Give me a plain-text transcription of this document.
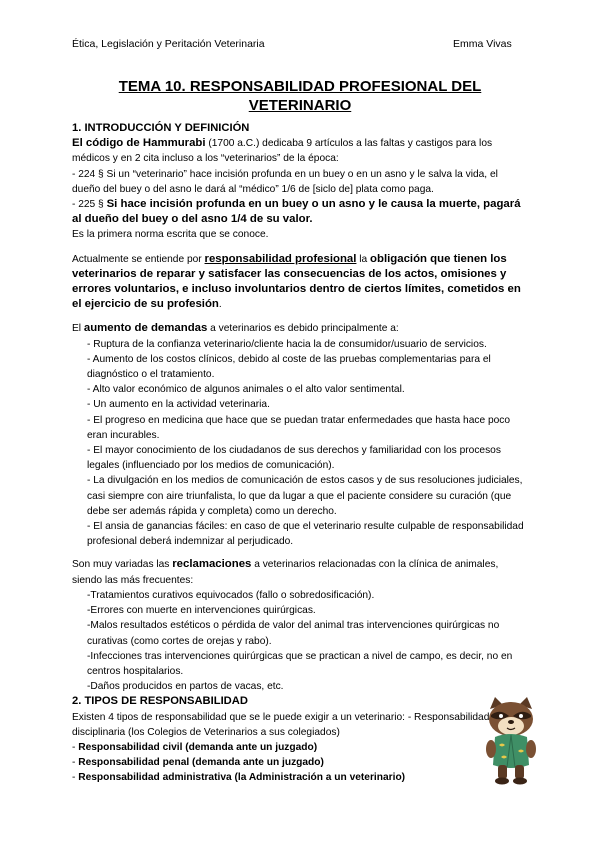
Ética, Legislación y Peritación Veterinaria	Emma Vivas
TEMA 10. RESPONSABILIDAD PROFESIONAL DEL VETERINARIO

1. INTRODUCCIÓN Y DEFINICIÓN

El código de Hammurabi (1700 a.C.) dedicaba 9 artículos a las faltas y castigos para los médicos y en 2 cita incluso a los “veterinarios” de la época:

- 224 § Si un “veterinario” hace incisión profunda en un buey o en un asno y le salva la vida, el dueño del buey o del asno le dará al “médico” 1/6 de [siclo de] plata como paga.

- 225 § Si hace incisión profunda en un buey o un asno y le causa la muerte, pagará al dueño del buey o del asno 1/4 de su valor.

Es la primera norma escrita que se conoce.

Actualmente se entiende por responsabilidad profesional la obligación que tienen los veterinarios de reparar y satisfacer las consecuencias de los actos, omisiones y errores voluntarios, e incluso involuntarios dentro de ciertos límites, cometidos en el ejercicio de su profesión.

El aumento de demandas a veterinarios es debido principalmente a:

- Ruptura de la confianza veterinario/cliente hacia la de consumidor/usuario de servicios.

- Aumento de los costos clínicos, debido al coste de las pruebas complementarias para el diagnóstico o el tratamiento.

- Alto valor económico de algunos animales o el alto valor sentimental.

- Un aumento en la actividad veterinaria.

- El progreso en medicina que hace que se puedan tratar enfermedades que hasta hace poco eran incurables.

- El mayor conocimiento de los ciudadanos de sus derechos y familiaridad con los procesos legales (influenciado por los medios de comunicación).

- La divulgación en los medios de comunicación de estos casos y de sus resoluciones judiciales, casi siempre con aire triunfalista, lo que da lugar a que el paciente considere su curación (que debe ser además rápida y completa) como un derecho.

- El ansia de ganancias fáciles: en caso de que el veterinario resulte culpable de responsabilidad profesional deberá indemnizar al perjudicado.

Son muy variadas las reclamaciones a veterinarios relacionadas con la clínica de animales, siendo las más frecuentes:

-Tratamientos curativos equivocados (fallo o sobredosificación).

-Errores con muerte en intervenciones quirúrgicas.

-Malos resultados estéticos o pérdida de valor del animal tras intervenciones quirúrgicas no curativas (como cortes de orejas y rabo).

-Infecciones tras intervenciones quirúrgicas que se practican a nivel de campo, es decir, no en centros hospitalarios.

-Daños producidos en partos de vacas, etc.

2. TIPOS DE RESPONSABILIDAD

Existen 4 tipos de responsabilidad que se le puede exigir a un veterinario: - Responsabilidad disciplinaria (los Colegios de Veterinarios a sus colegiados)

- Responsabilidad civil (demanda ante un juzgado)

- Responsabilidad penal (demanda ante un juzgado)

- Responsabilidad administrativa (la Administración a un veterinario)
